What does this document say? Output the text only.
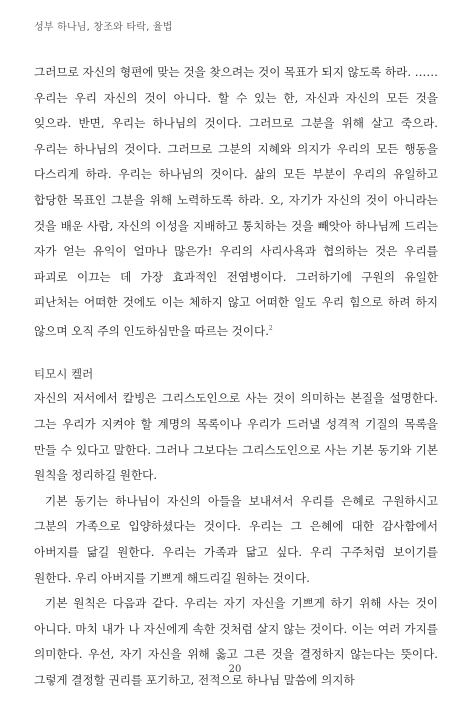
성부 하나님, 창조와 타락, 율법

그러므로 자신의 형편에 맞는 것을 찾으려는 것이 목표가 되지 않도록 하라. …… 우리는 우리 자신의 것이 아니다. 할 수 있는 한, 자신과 자신의 모든 것을 잊으라. 반면, 우리는 하나님의 것이다. 그러므로 그분을 위해 살고 죽으라. 우리는 하나님의 것이다. 그러므로 그분의 지혜와 의지가 우리의 모든 행동을 다스리게 하라. 우리는 하나님의 것이다. 삶의 모든 부분이 우리의 유일하고 합당한 목표인 그분을 위해 노력하도록 하라. 오, 자기가 자신의 것이 아니라는 것을 배운 사람, 자신의 이성을 지배하고 통치하는 것을 빼앗아 하나님께 드리는 자가 얻는 유익이 얼마나 많은가! 우리의 사리사욕과 협의하는 것은 우리를 파괴로 이끄는 데 가장 효과적인 전염병이다. 그러하기에 구원의 유일한 피난처는 어떠한 것에도 이는 체하지 않고 어떠한 일도 우리 힘으로 하려 하지 않으며 오직 주의 인도하심만을 따르는 것이다.$^2$

티모시 켈러

자신의 저서에서 칼빙은 그리스도인으로 사는 것이 의미하는 본질을 설명한다. 그는 우리가 지켜야 할 계명의 목록이나 우리가 드러낼 성격적 기질의 목록을 만들 수 있다고 말한다. 그러나 그보다는 그리스도인으로 사는 기본 동기와 기본 원칙을 정리하길 원한다.

기본 동기는 하나님이 자신의 아들을 보내셔서 우리를 은혜로 구원하시고 그분의 가족으로 입양하셨다는 것이다. 우리는 그 은혜에 대한 감사함에서 아버지를 닮길 원한다. 우리는 가족과 닮고 싶다. 우리 구주처럼 보이기를 원한다. 우리 아버지를 기쁘게 해드리길 원하는 것이다.

기본 원칙은 다음과 같다. 우리는 자기 자신을 기쁘게 하기 위해 사는 것이 아니다. 마치 내가 나 자신에게 속한 것처럼 살지 않는 것이다. 이는 여러 가지를 의미한다. 우선, 자기 자신을 위해 옳고 그른 것을 결정하지 않는다는 뜻이다. 그렇게 결정할 권리를 포기하고, 전적으로 하나님 말씀에 의지하

20
